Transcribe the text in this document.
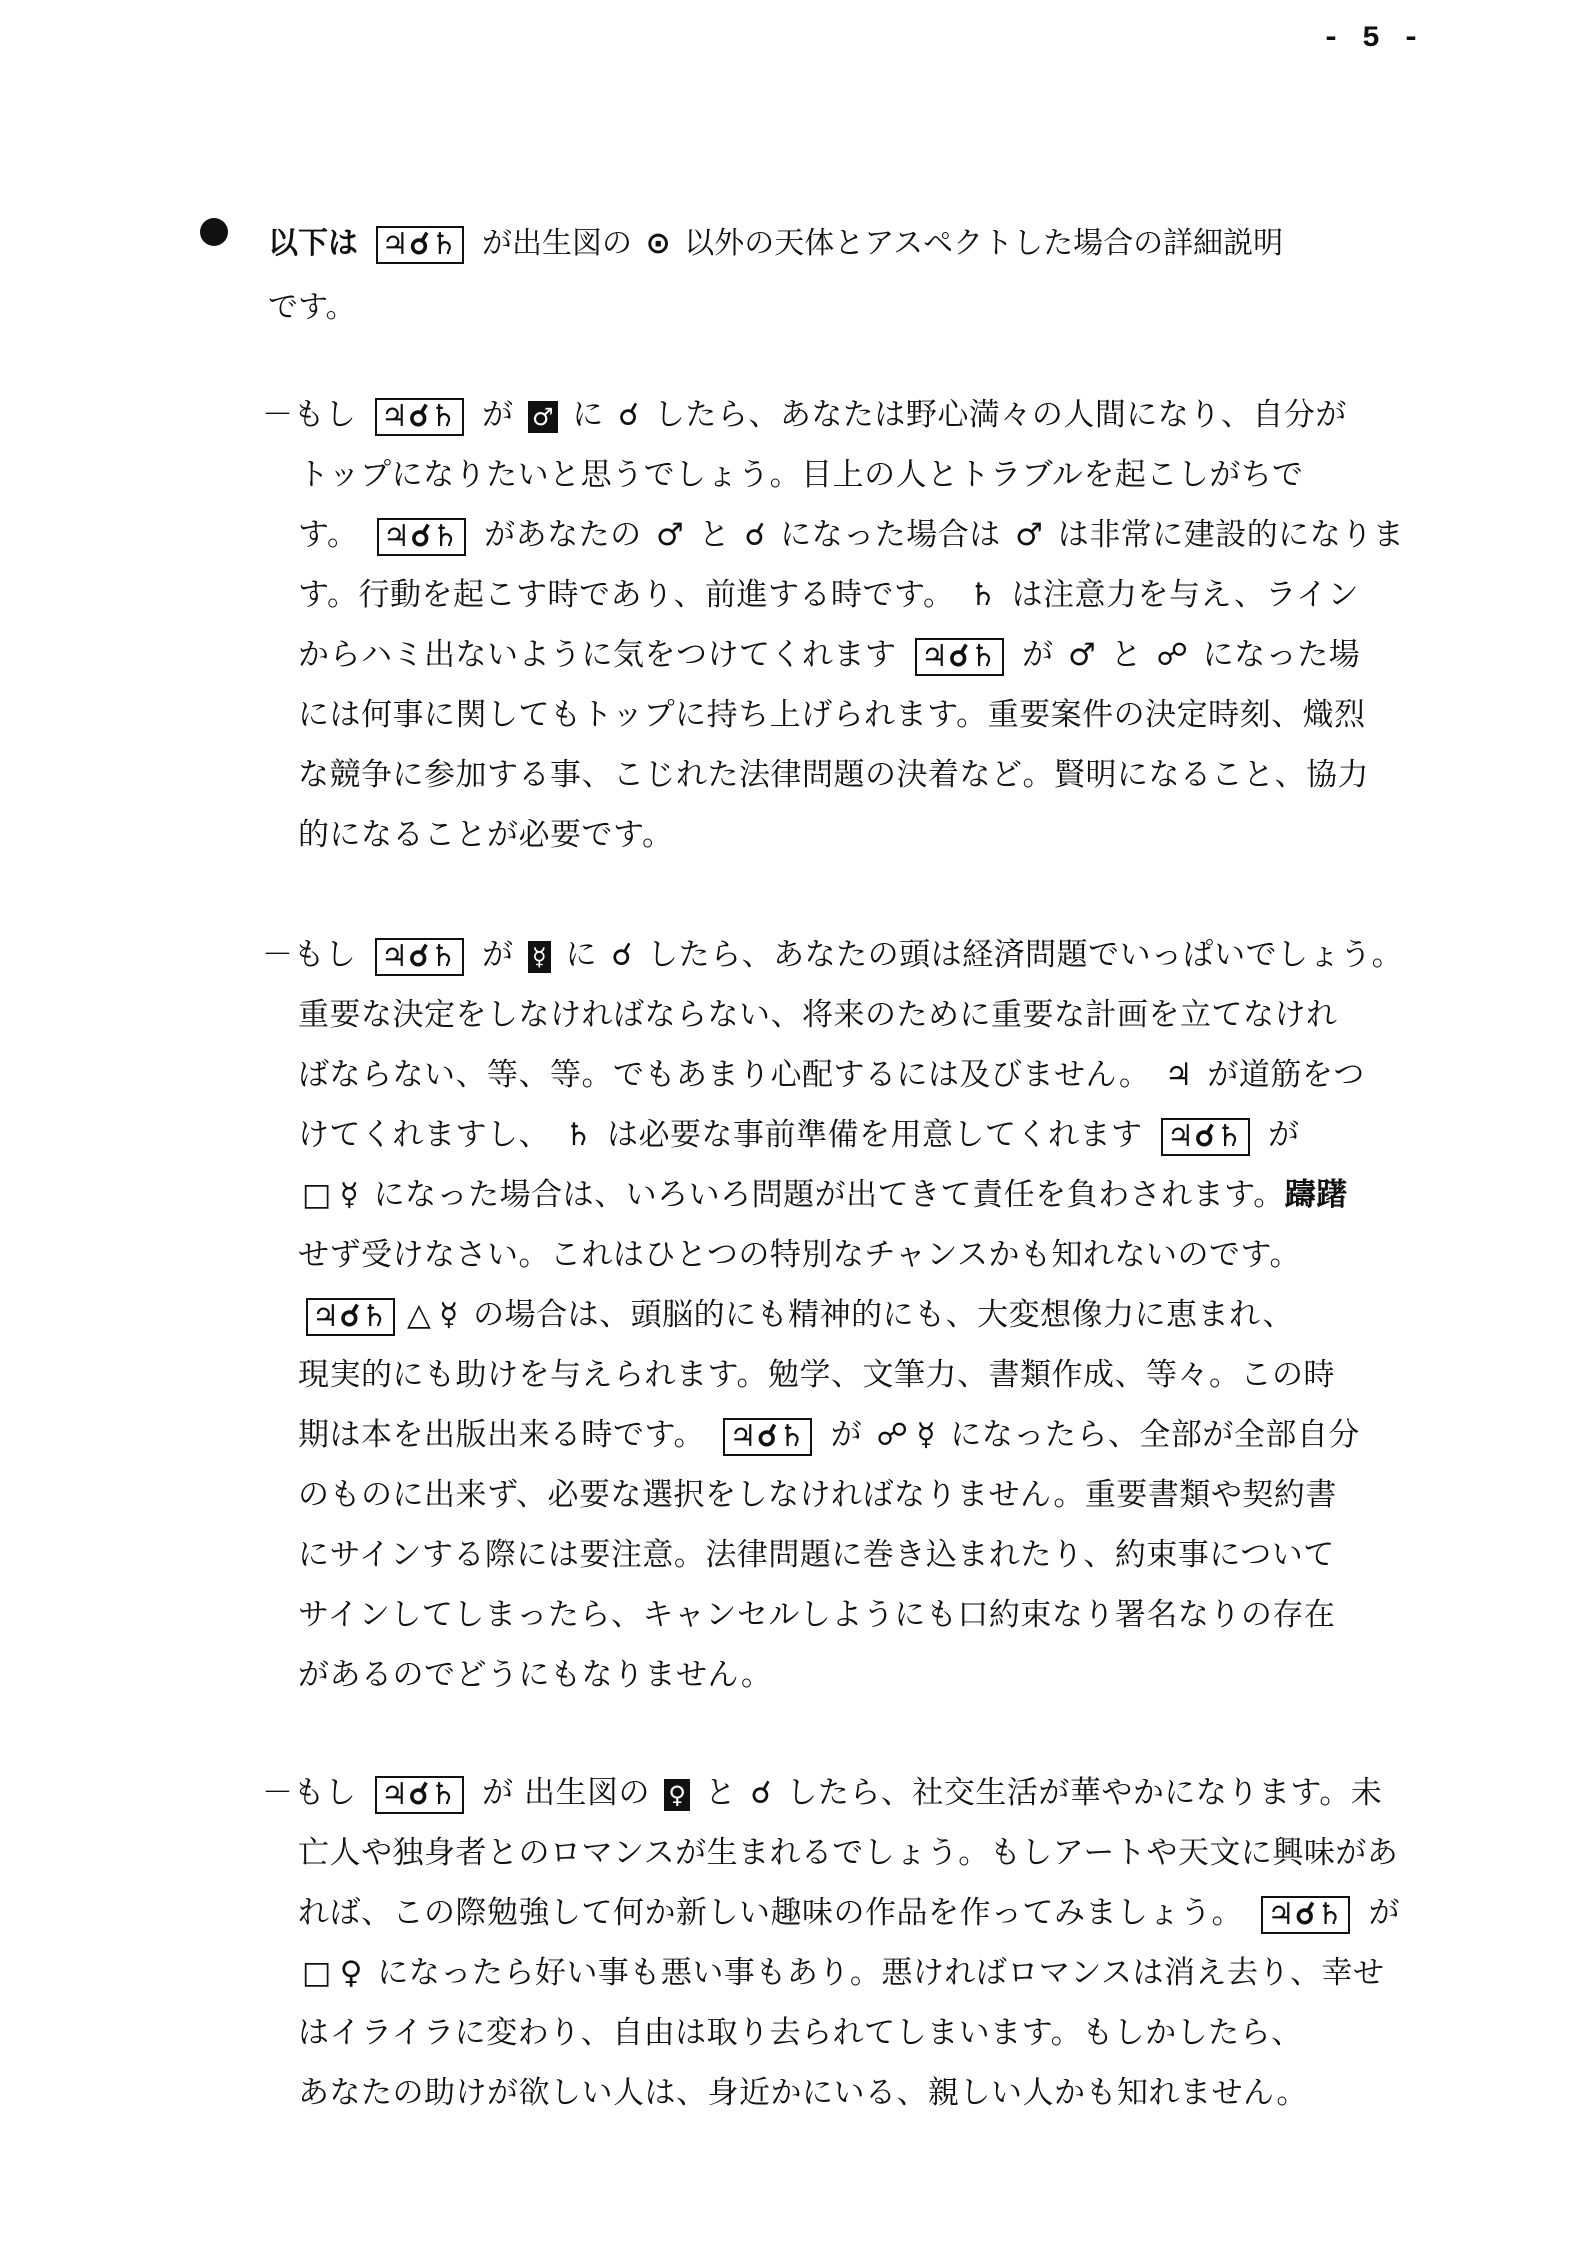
- 5 -
以下は ♃☌♄ が出生図の ⊙ 以外の天体とアスペクトした場合の詳細説明
です。
－もし ♃☌♄ が ♂ に ☌ したら、あなたは野心満々の人間になり、自分が
トップになりたいと思うでしょう。目上の人とトラブルを起こしがちで
す。 ♃☌♄ があなたの ♂ と ☌ になった場合は ♂ は非常に建設的になりま
す。行動を起こす時であり、前進する時です。 ♄ は注意力を与え、ライン
からハミ出ないように気をつけてくれます ♃☌♄ が ♂ と ☍ になった場
には何事に関してもトップに持ち上げられます。重要案件の決定時刻、熾烈
な競争に参加する事、こじれた法律問題の決着など。賢明になること、協力
的になることが必要です。
－もし ♃☌♄ が ☿ に ☌ したら、あなたの頭は経済問題でいっぱいでしょう。
重要な決定をしなければならない、将来のために重要な計画を立てなけれ
ばならない、等、等。でもあまり心配するには及びません。 ♃ が道筋をつ
けてくれますし、 ♄ は必要な事前準備を用意してくれます ♃☌♄ が
□ ☿ になった場合は、いろいろ問題が出てきて責任を負わされます。躊躇
せず受けなさい。これはひとつの特別なチャンスかも知れないのです。
♃☌♄ △ ☿ の場合は、頭脳的にも精神的にも、大変想像力に恵まれ、
現実的にも助けを与えられます。勉学、文筆力、書類作成、等々。この時
期は本を出版出来る時です。 ♃☌♄ が ☍ ☿ になったら、全部が全部自分
のものに出来ず、必要な選択をしなければなりません。重要書類や契約書
にサインする際には要注意。法律問題に巻き込まれたり、約束事について
サインしてしまったら、キャンセルしようにも口約束なり署名なりの存在
があるのでどうにもなりません。
－もし ♃☌♄ が 出生図の ♀ と ☌ したら、社交生活が華やかになります。未
亡人や独身者とのロマンスが生まれるでしょう。もしアートや天文に興味があ
れば、この際勉強して何か新しい趣味の作品を作ってみましょう。 ♃☌♄ が
□ ♀ になったら好い事も悪い事もあり。悪ければロマンスは消え去り、幸せ
はイライラに変わり、自由は取り去られてしまいます。もしかしたら、
あなたの助けが欲しい人は、身近かにいる、親しい人かも知れません。
